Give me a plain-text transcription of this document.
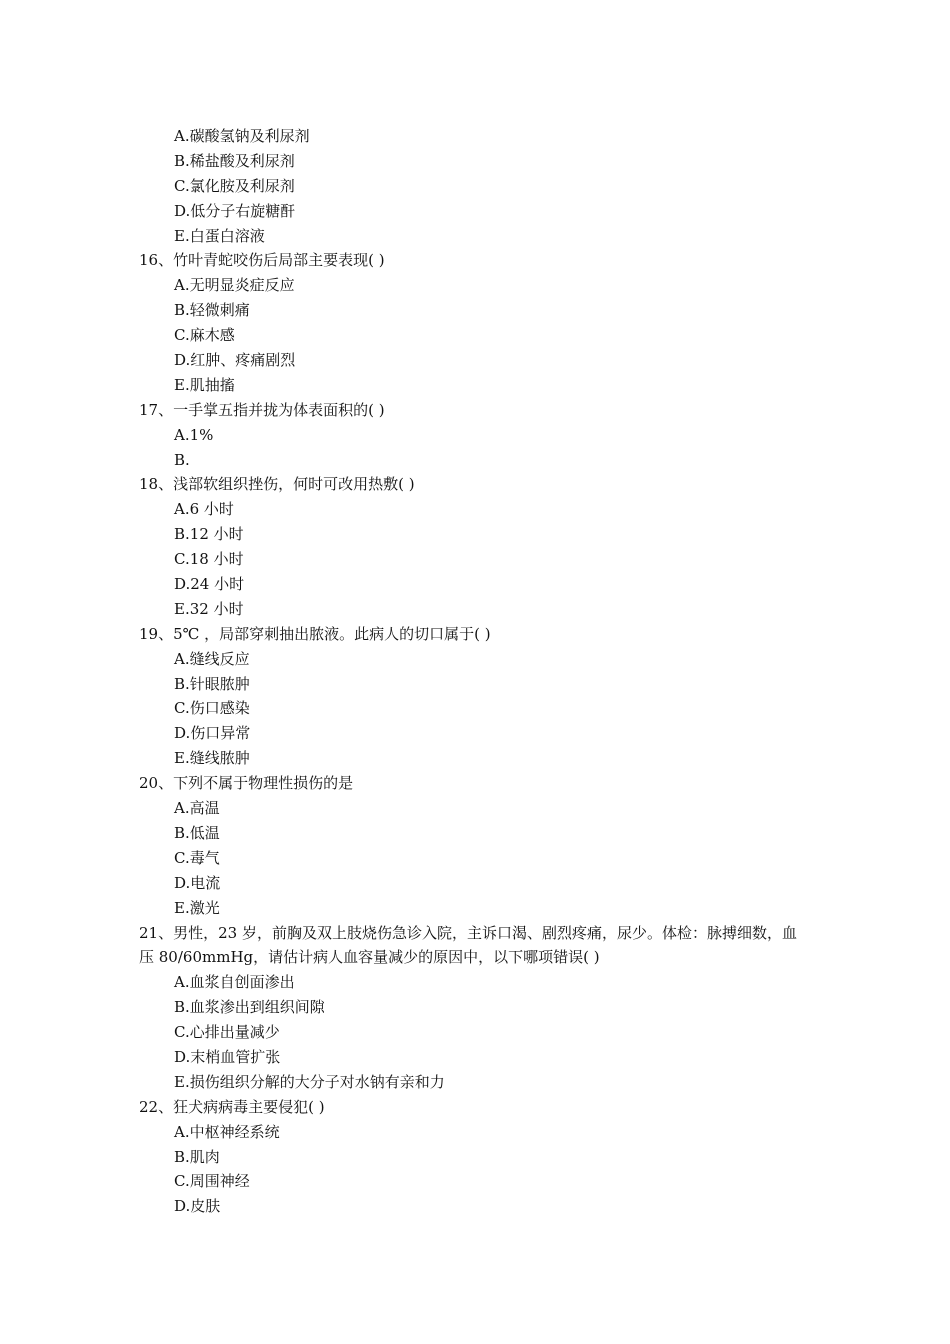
A.碳酸氢钠及利尿剂
B.稀盐酸及利尿剂
C.氯化胺及利尿剂
D.低分子右旋糖酐
E.白蛋白溶液
16、竹叶青蛇咬伤后局部主要表现( )
A.无明显炎症反应
B.轻微刺痛
C.麻木感
D.红肿、疼痛剧烈
E.肌抽搐
17、一手掌五指并拢为体表面积的( )
A.1%
B.
18、浅部软组织挫伤，何时可改用热敷( )
A.6 小时
B.12 小时
C.18 小时
D.24 小时
E.32 小时
19、5℃ ，局部穿刺抽出脓液。此病人的切口属于( )
A.缝线反应
B.针眼脓肿
C.伤口感染
D.伤口异常
E.缝线脓肿
20、下列不属于物理性损伤的是
A.高温
B.低温
C.毒气
D.电流
E.激光
21、男性，23 岁，前胸及双上肢烧伤急诊入院，主诉口渴、剧烈疼痛，尿少。体检：脉搏细数，血
压 80/60mmHg，请估计病人血容量减少的原因中，以下哪项错误( )
A.血浆自创面渗出
B.血浆渗出到组织间隙
C.心排出量减少
D.末梢血管扩张
E.损伤组织分解的大分子对水钠有亲和力
22、狂犬病病毒主要侵犯( )
A.中枢神经系统
B.肌肉
C.周围神经
D.皮肤
